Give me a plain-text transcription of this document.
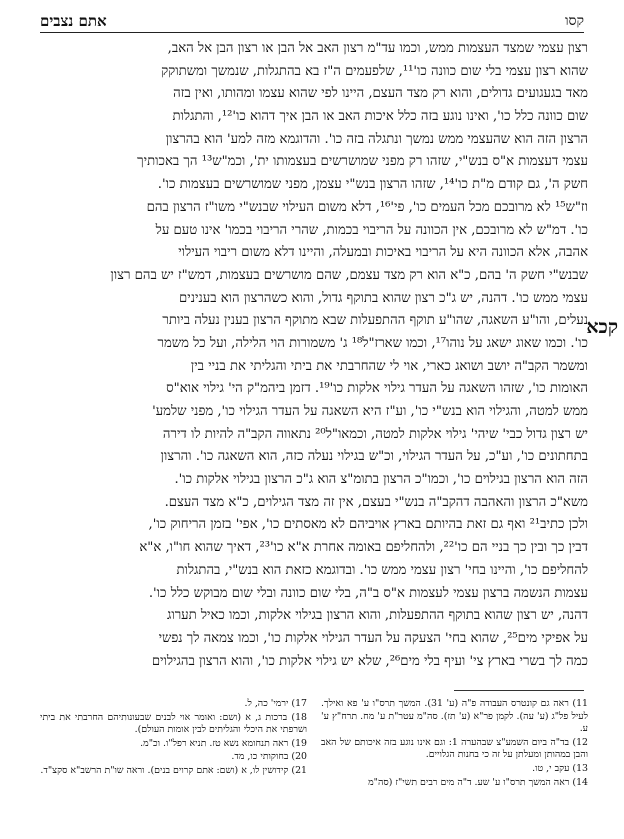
קסו
אתם נצבים

רצון עצמי שמצד העצמות ממש, וכמו עד"מ רצון האב אל הבן או רצון הבן אל האב,

שהוא רצון עצמי בלי שום כוונה כו'¹¹, שלפעמים ה"ז בא בהתגלות, שנמשך ומשתוקק

מאד בגעגועים גדולים, והוא רק מצד העצם, היינו לפי שהוא עצמו ומהותו, ואין בזה

שום כוונה כלל כו', ואינו נוגע בזה כלל איכות האב או הבן איך דהוא כו'¹², והתגלות

הרצון הזה הוא שהעצמי ממש נמשך ונתגלה בזה כו'. והדוגמא מזה למע' הוא בהרצון

עצמי דעצמות א"ס בנש"י, שזהו רק מפני שמושרשים בעצמותו ית', וכמ"ש¹³ הך באכותיך

חשק ה', גם קודם מ"ת כו'¹⁴, שזהו הרצון בנש"י עצמן, מפני שמושרשים בעצמות כו'.

וז"ש¹⁵ לא מרובכם מכל העמים כו', פי'¹⁶, דלא משום העילוי שבנש"י משו"ז הרצון בהם

כו'. דמ"ש לא מרובכם, אין הכוונה על הריבוי בכמות, שהרי הריבוי בכמו' אינו טעם על

אהבה, אלא הכוונה היא על הריבוי באיכות ובמעלה, והיינו דלא משום ריבוי העילוי

שבנש"י חשק ה' בהם, כ"א הוא רק מצד עצמם, שהם מושרשים בעצמות, דמש"ז יש בהם רצון

עצמי ממש כו'. דהנה, יש ג"כ רצון שהוא בתוקף גדול, והוא כשהרצון הוא בענינים

נעלים, והו"ע השאגה, שהו"ע תוקף ההתפעלות שבא מתוקף הרצון בענין נעלה ביותר

כו'. וכמו שאוג ישאג על נוהו¹⁷, וכמו שארז"ל¹⁸ ג' משמורות הוי הלילה, ועל כל משמר

ומשמר הקב"ה יושב ושואג כארי, אוי לי שהחרבתי את ביתי והגליתי את בניי בין

האומות כו', שזהו השאגה על העדר גילוי אלקות כו'¹⁹. דזמן ביהמ"ק הי' גילוי אוא"ס

ממש למטה, והגילוי הוא בנש"י כו', וע"ז היא השאגה על העדר הגילוי כו', מפני שלמע'

יש רצון גדול כבי' שיהי' גילוי אלקות למטה, וכמאו"ל²⁰ נתאווה הקב"ה להיות לו דירה

בתחתונים כו', וע"כ, על העדר הגילוי, וכ"ש בגילוי נעלה כזה, הוא השאגה כו'. והרצון

הזה הוא הרצון בגילוים כו', וכמו"כ הרצון בתומ"צ הוא ג"כ הרצון בגילוי אלקות כו'.

משא"כ הרצון והאהבה דהקב"ה בנש"י בעצם, אין זה מצד הגילוים, כ"א מצד העצם.

ולכן כתיב²¹ ואף גם זאת בהיותם בארץ אויביהם לא מאסתים כו', אפי' בזמן הריחוק כו',

דבין כך ובין כך בניי הם כו'²², ולהחליפם באומה אחרת א"א כו'²³, דאיך שהוא חו"ו, א"א

להחליפם כו', והיינו בחי' רצון עצמי ממש כו'. ובדוגמא כזאת הוא בנש"י, בהתגלות

עצמות הנשמה ברצון עצמי לעצמות א"ס ב"ה, בלי שום כוונה ובלי שום מבוקש כלל כו'.

דהנה, יש רצון שהוא בתוקף ההתפעלות, והוא הרצון בגילוי אלקות, וכמו כאיל תערוג

על אפיקי מים²⁵, שהוא בחי' הצעקה על העדר הגילוי אלקות כו', וכמו צמאה לך נפשי

כמה לך בשרי בארץ צי' ועיף בלי מים²⁶, שלא יש גילוי אלקות כו', והוא הרצון בהגילוים

קכא

11) ראה גם קונטרס העבודה פ"ה (ע' 31). המשך תרס"ו ע' פא ואילך. לעיל פל"ג (ע' עה). לקמן פר"א (ע' תז). סה"מ עטר"ת ע' מח. תרח"ץ ע' ע.

12) בד"ה ביום השמע"צ שבהערה 1: וגם אינו נוגע בזה איכותם של האב והבן במהותן ומעלתן על זה כי בחנות הגלויים.

13) עקב י, טו.

14) ראה המשך תרס"ו ע' שע. ד"ה מים רבים תשי"ז (סה"מ

17) ירמי' כה, ל.

18) ברכות ג, א (ושם: ואומר אוי לבנים שבעונותיהם החרבתי את ביתי ושרפתי את היכלי והגליתים לבין אומות העולם).

19) ראה תנחומא נשא טז. תניא רפל"ו. וכ"מ.

20) בחוקותי כו, מד.

21) קידושין לו, א (ושם: אתם קרוים בנים). וראה שו"ת הרשב"א סקצ"ד.
